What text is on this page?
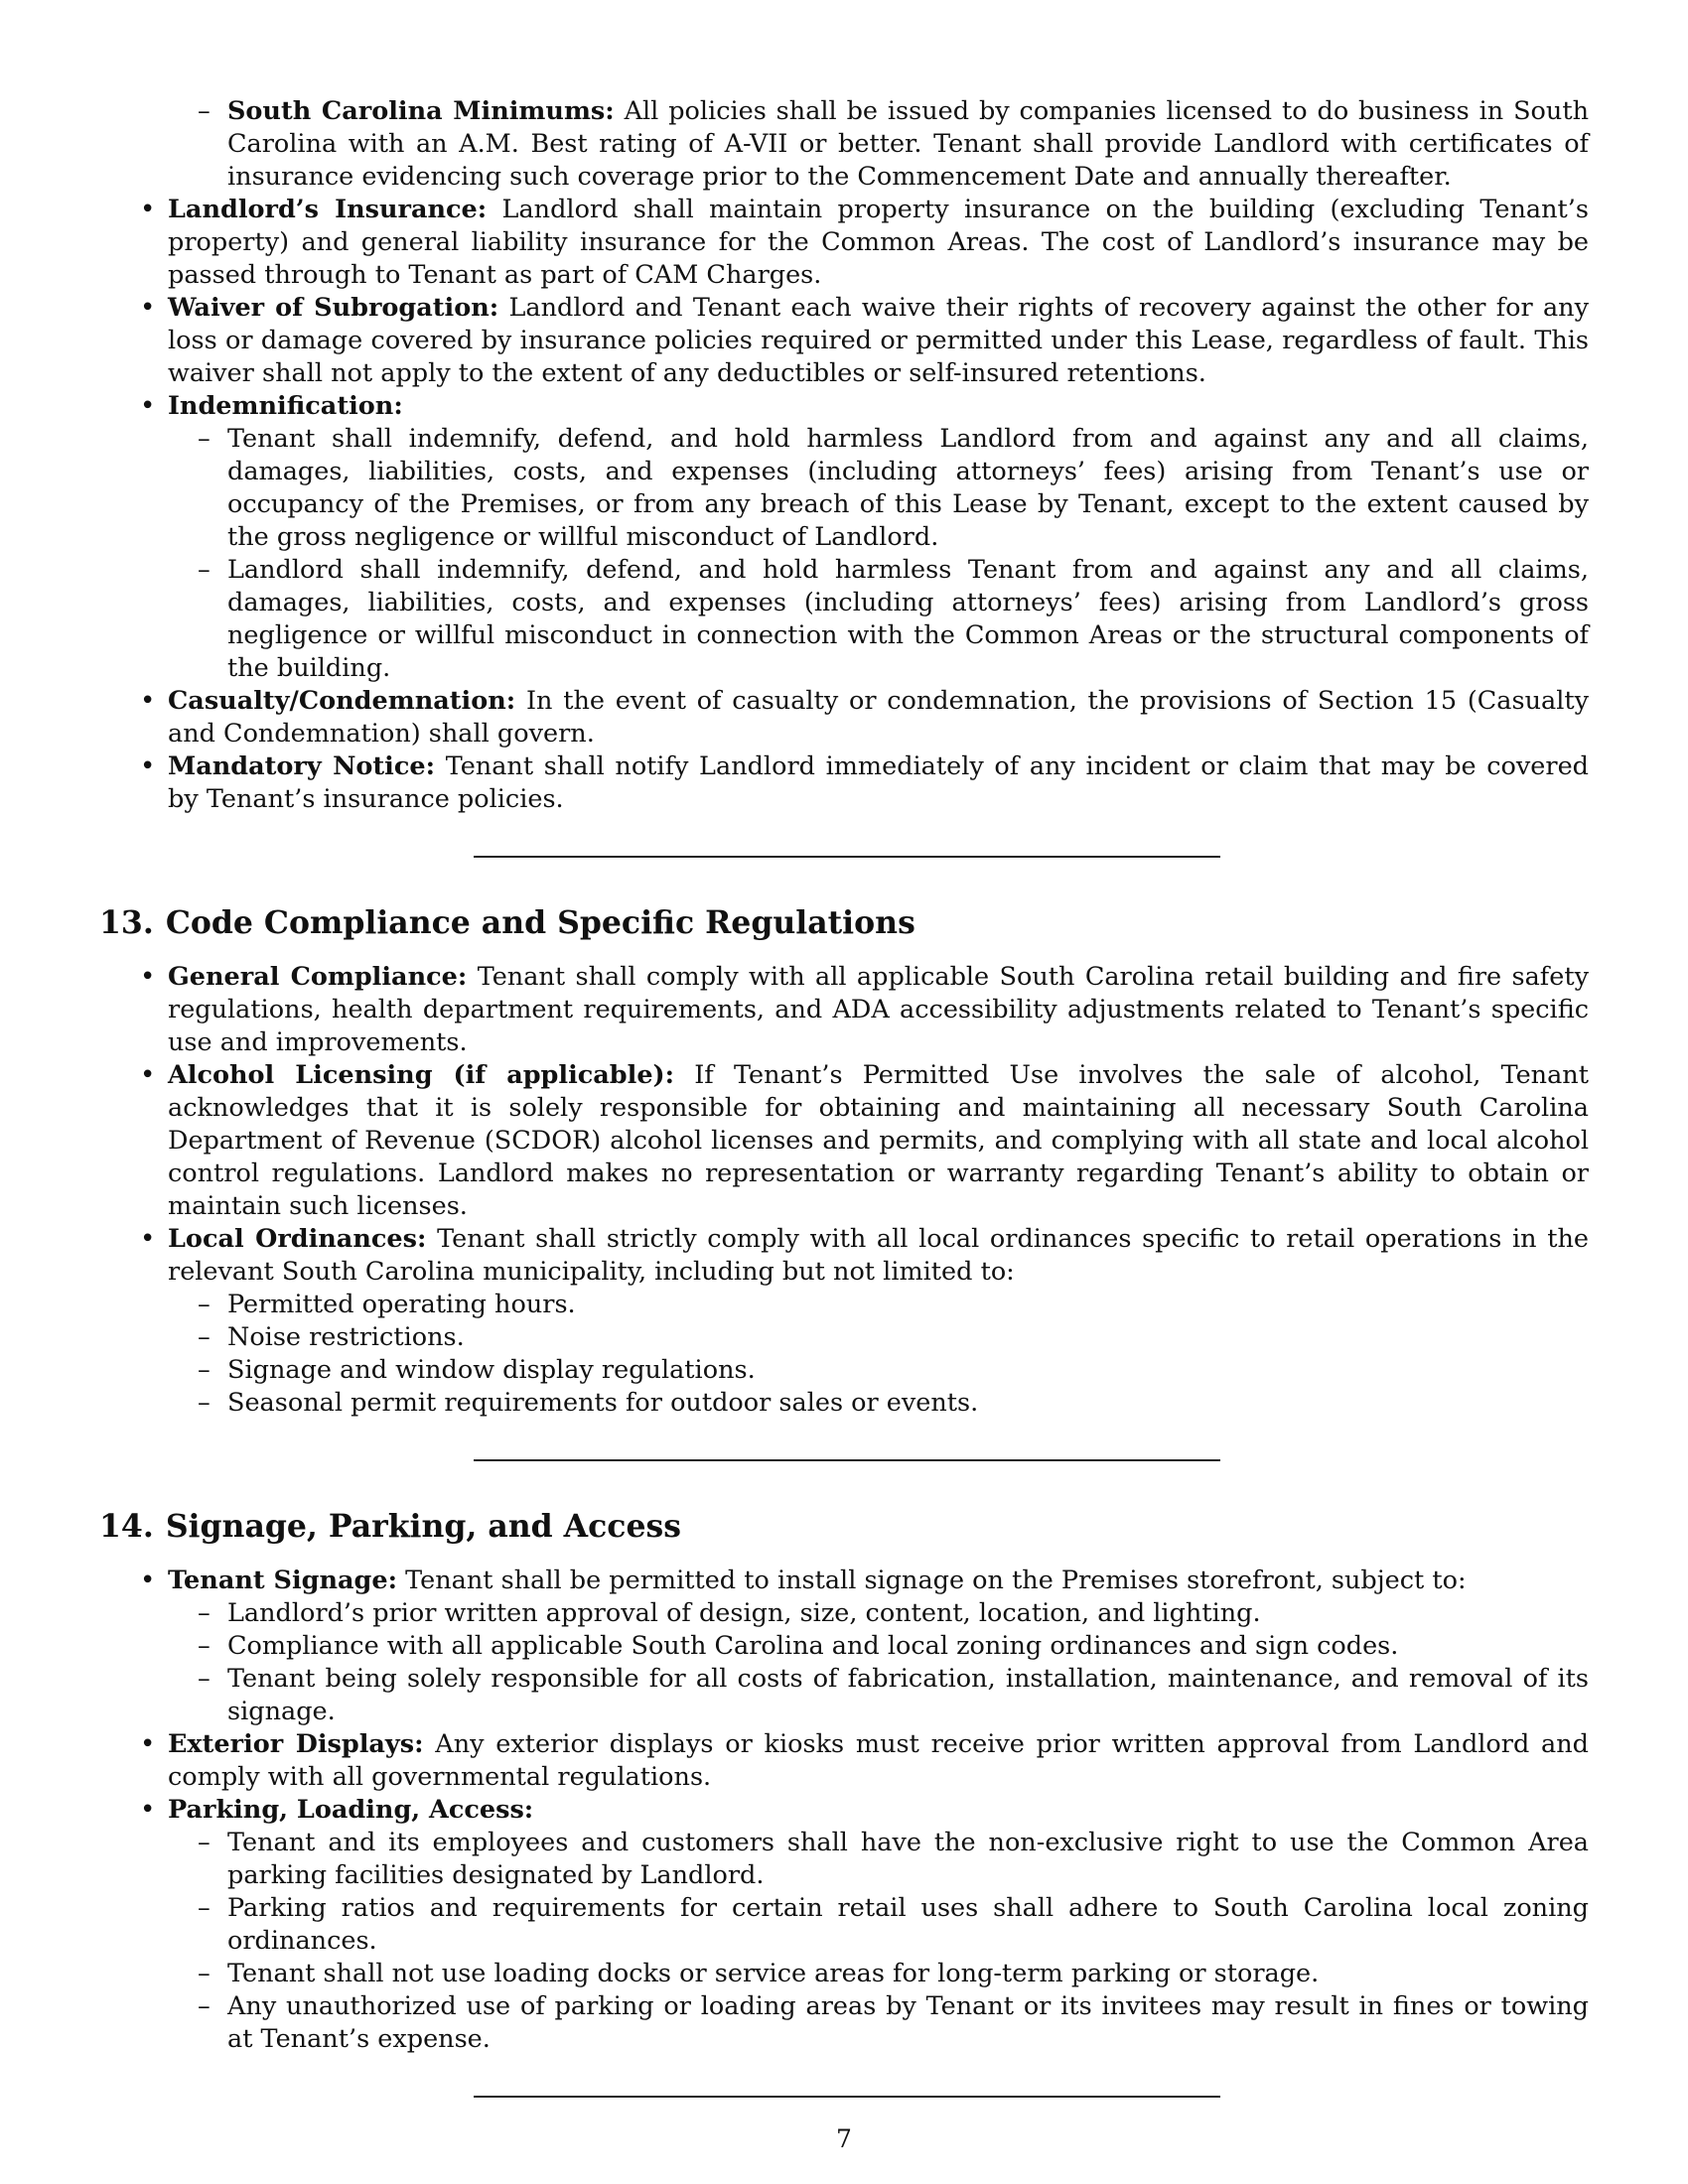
– South Carolina Minimums: All policies shall be issued by companies licensed to do business in South Carolina with an A.M. Best rating of A-VII or better. Tenant shall provide Landlord with certificates of insurance evidencing such coverage prior to the Commencement Date and annually thereafter.
• Landlord’s Insurance: Landlord shall maintain property insurance on the building (excluding Tenant’s property) and general liability insurance for the Common Areas. The cost of Landlord’s insurance may be passed through to Tenant as part of CAM Charges.
• Waiver of Subrogation: Landlord and Tenant each waive their rights of recovery against the other for any loss or damage covered by insurance policies required or permitted under this Lease, regardless of fault. This waiver shall not apply to the extent of any deductibles or self-insured retentions.
• Indemnification:
– Tenant shall indemnify, defend, and hold harmless Landlord from and against any and all claims, damages, liabilities, costs, and expenses (including attorneys’ fees) arising from Tenant’s use or occupancy of the Premises, or from any breach of this Lease by Tenant, except to the extent caused by the gross negligence or willful misconduct of Landlord.
– Landlord shall indemnify, defend, and hold harmless Tenant from and against any and all claims, damages, liabilities, costs, and expenses (including attorneys’ fees) arising from Landlord’s gross negligence or willful misconduct in connection with the Common Areas or the structural components of the building.
• Casualty/Condemnation: In the event of casualty or condemnation, the provisions of Section 15 (Casualty and Condemnation) shall govern.
• Mandatory Notice: Tenant shall notify Landlord immediately of any incident or claim that may be covered by Tenant’s insurance policies.
13. Code Compliance and Specific Regulations
• General Compliance: Tenant shall comply with all applicable South Carolina retail building and fire safety regulations, health department requirements, and ADA accessibility adjustments related to Tenant’s specific use and improvements.
• Alcohol Licensing (if applicable): If Tenant’s Permitted Use involves the sale of alcohol, Tenant acknowledges that it is solely responsible for obtaining and maintaining all necessary South Carolina Department of Revenue (SCDOR) alcohol licenses and permits, and complying with all state and local alcohol control regulations. Landlord makes no representation or warranty regarding Tenant’s ability to obtain or maintain such licenses.
• Local Ordinances: Tenant shall strictly comply with all local ordinances specific to retail operations in the relevant South Carolina municipality, including but not limited to:
– Permitted operating hours.
– Noise restrictions.
– Signage and window display regulations.
– Seasonal permit requirements for outdoor sales or events.
14. Signage, Parking, and Access
• Tenant Signage: Tenant shall be permitted to install signage on the Premises storefront, subject to:
– Landlord’s prior written approval of design, size, content, location, and lighting.
– Compliance with all applicable South Carolina and local zoning ordinances and sign codes.
– Tenant being solely responsible for all costs of fabrication, installation, maintenance, and removal of its signage.
• Exterior Displays: Any exterior displays or kiosks must receive prior written approval from Landlord and comply with all governmental regulations.
• Parking, Loading, Access:
– Tenant and its employees and customers shall have the non-exclusive right to use the Common Area parking facilities designated by Landlord.
– Parking ratios and requirements for certain retail uses shall adhere to South Carolina local zoning ordinances.
– Tenant shall not use loading docks or service areas for long-term parking or storage.
– Any unauthorized use of parking or loading areas by Tenant or its invitees may result in fines or towing at Tenant’s expense.
7
